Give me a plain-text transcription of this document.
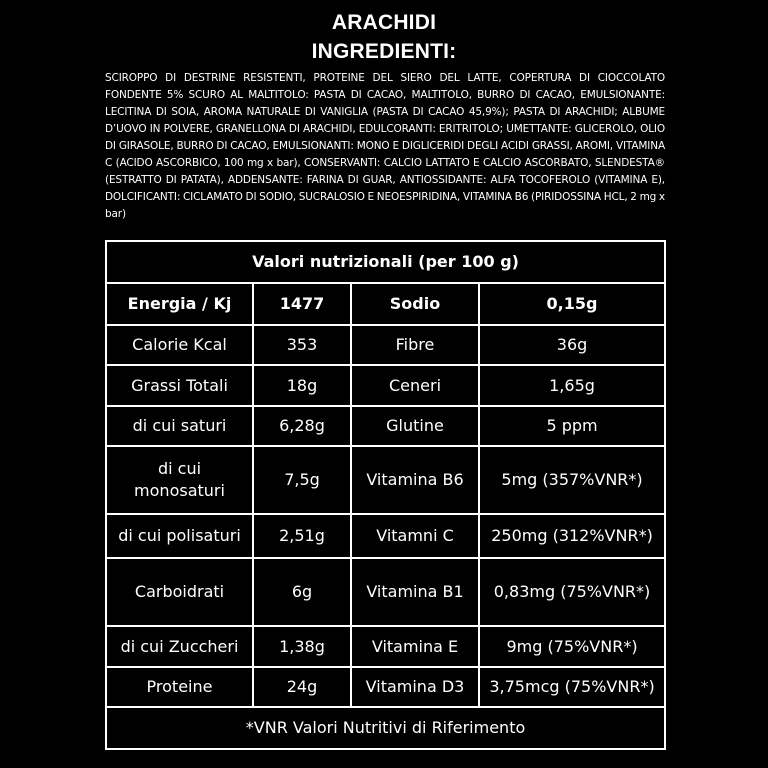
ARACHIDI
INGREDIENTI:
SCIROPPO DI DESTRINE RESISTENTI, PROTEINE DEL SIERO DEL LATTE, COPERTURA DI CIOCCOLATO FONDENTE 5% SCURO AL MALTITOLO: PASTA DI CACAO, MALTITOLO, BURRO DI CACAO, EMULSIONANTE: LECITINA DI SOIA, AROMA NATURALE DI VANIGLIA (PASTA DI CACAO 45,9%); PASTA DI ARACHIDI; ALBUME D’UOVO IN POLVERE, GRANELLONA DI ARACHIDI, EDULCORANTI: ERITRITOLO; UMETTANTE: GLICEROLO, OLIO DI GIRASOLE, BURRO DI CACAO, EMULSIONANTI: MONO E DIGLICERIDI DEGLI ACIDI GRASSI, AROMI, VITAMINA C (ACIDO ASCORBICO, 100 mg x bar), CONSERVANTI: CALCIO LATTATO E CALCIO ASCORBATO, SLENDESTA® (ESTRATTO DI PATATA), ADDENSANTE: FARINA DI GUAR, ANTIOSSIDANTE: ALFA TOCOFEROLO (VITAMINA E), DOLCIFICANTI: CICLAMATO DI SODIO, SUCRALOSIO E NEOESPIRIDINA, VITAMINA B6 (PIRIDOSSINA HCL, 2 mg x bar)
Valori nutrizionali (per 100 g)			
Energia / Kj	1477	Sodio	0,15g
Calorie Kcal	353	Fibre	36g
Grassi Totali	18g	Ceneri	1,65g
di cui saturi	6,28g	Glutine	5 ppm
di cui monosaturi	7,5g	Vitamina B6	5mg (357%VNR*)
di cui polisaturi	2,51g	Vitamni C	250mg (312%VNR*)
Carboidrati	6g	Vitamina B1	0,83mg (75%VNR*)
di cui Zuccheri	1,38g	Vitamina E	9mg (75%VNR*)
Proteine	24g	Vitamina D3	3,75mcg (75%VNR*)
*VNR Valori Nutritivi di Riferimento			
